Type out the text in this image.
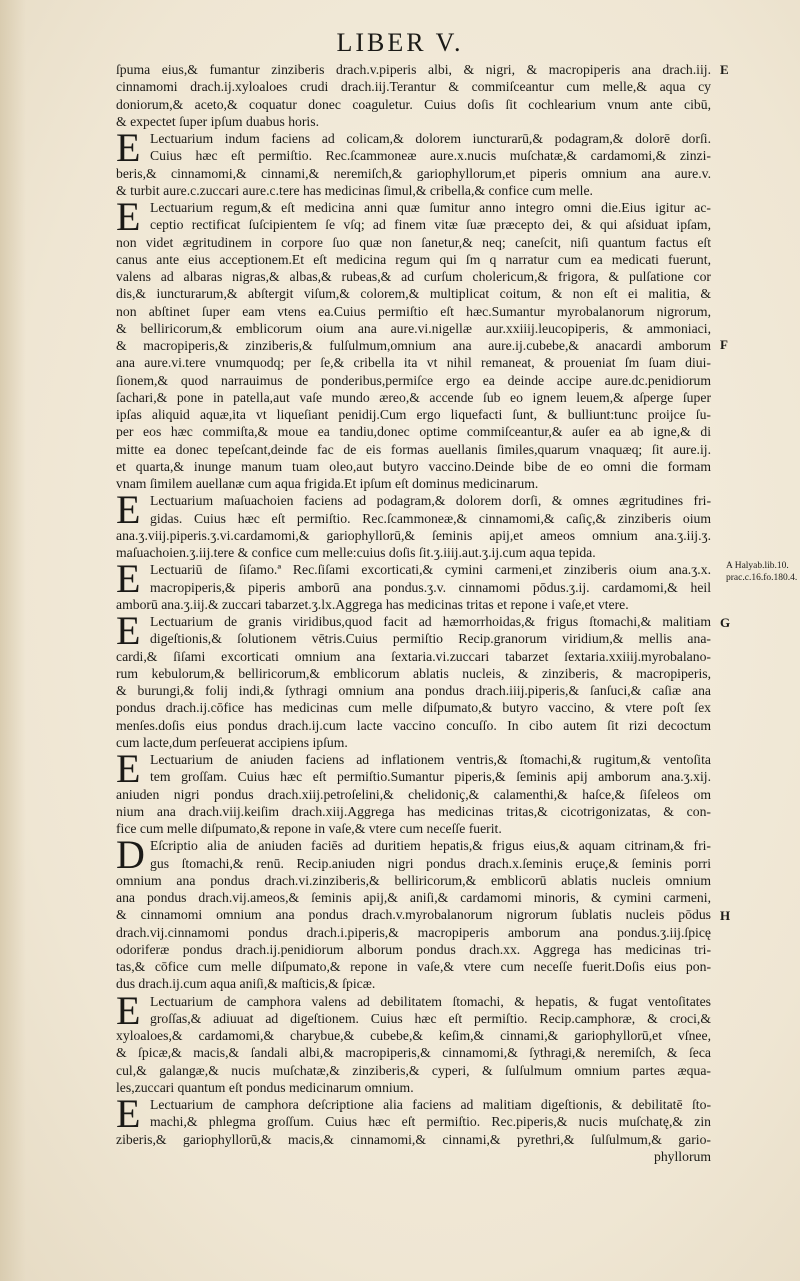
LIBER V.
ſpuma eius,& fumantur zinziberis drach.v.piperis albi, & nigri, & macropiperis ana drach.iij.
cinnamomi drach.ij.xyloaloes crudi drach.iij.Terantur & commiſceantur cum melle,& aqua cy
doniorum,& aceto,& coquatur donec coaguletur. Cuius doſis ſit cochlearium vnum ante cibū,
& expectet ſuper ipſum duabus horis.
E Lectuarium indum faciens ad colicam,& dolorem iuncturarū,& podagram,& dolorē dorſi.
Cuius hæc eſt permiſtio. Rec.ſcammoneæ aure.x.nucis muſchatæ,& cardamomi,& zinzi-
beris,& cinnamomi,& cinnami,& neremiſch,& gariophyllorum,et piperis omnium ana aure.v.
& turbit aure.c.zuccari aure.c.tere has medicinas ſimul,& cribella,& confice cum melle.
E Lectuarium regum,& eſt medicina anni quæ ſumitur anno integro omni die.Eius igitur ac-
ceptio rectificat ſuſcipientem ſe vſq; ad finem vitæ ſuæ præcepto dei, & qui aſsiduat ipſam,
non videt ægritudinem in corpore ſuo quæ non ſanetur,& neq; caneſcit, niſi quantum factus eſt
canus ante eius acceptionem.Et eſt medicina regum qui ſm q narratur cum ea medicati fuerunt,
valens ad albaras nigras,& albas,& rubeas,& ad curſum cholericum,& frigora, & pulſatione cor
dis,& iuncturarum,& abſtergit viſum,& colorem,& multiplicat coitum, & non eſt ei malitia, &
non abſtinet ſuper eam vtens ea.Cuius permiſtio eſt hæc.Sumantur myrobalanorum nigrorum,
& belliricorum,& emblicorum oium ana aure.vi.nigellæ aur.xxiiij.leucopiperis, & ammoniaci,
& macropiperis,& zinziberis,& fulſulmum,omnium ana aure.ij.cubebe,& anacardi amborum
ana aure.vi.tere vnumquodq; per ſe,& cribella ita vt nihil remaneat, & proueniat ſm ſuam diui-
ſionem,& quod narrauimus de ponderibus,permiſce ergo ea deinde accipe aure.dc.penidiorum
ſachari,& pone in patella,aut vaſe mundo æreo,& accende ſub eo ignem leuem,& aſperge ſuper
ipſas aliquid aquæ,ita vt liqueſiant penidij.Cum ergo liquefacti ſunt, & bulliunt:tunc proijce ſu-
per eos hæc commiſta,& moue ea tandiu,donec optime commiſceantur,& auſer ea ab igne,& di
mitte ea donec tepeſcant,deinde fac de eis formas auellanis ſimiles,quarum vnaquæq; ſit aure.ij.
et quarta,& inunge manum tuam oleo,aut butyro vaccino.Deinde bibe de eo omni die formam
vnam ſimilem auellanæ cum aqua frigida.Et ipſum eſt dominus medicinarum.
E Lectuarium maſuachoien faciens ad podagram,& dolorem dorſi, & omnes ægritudines fri-
gidas. Cuius hæc eſt permiſtio. Rec.ſcammoneæ,& cinnamomi,& caſiç,& zinziberis oium
ana.ʒ.viij.piperis.ʒ.vi.cardamomi,& gariophyllorū,& ſeminis apij,et ameos omnium ana.ʒ.iij.ʒ.
maſuachoien.ʒ.iij.tere & confice cum melle:cuius doſis ſit.ʒ.iiij.aut.ʒ.ij.cum aqua tepida.
E Lectuariū de ſiſamo.ª Rec.ſiſami excorticati,& cymini carmeni,et zinziberis oium ana.ʒ.x.
macropiperis,& piperis amborū ana pondus.ʒ.v. cinnamomi pōdus.ʒ.ij. cardamomi,& heil
amborū ana.ʒ.iij.& zuccari tabarzet.ʒ.lx.Aggrega has medicinas tritas et repone i vaſe,et vtere.
E Lectuarium de granis viridibus,quod facit ad hæmorrhoidas,& frigus ſtomachi,& malitiam
digeſtionis,& ſolutionem vētris.Cuius permiſtio Recip.granorum viridium,& mellis ana-
cardi,& ſiſami excorticati omnium ana ſextaria.vi.zuccari tabarzet ſextaria.xxiiij.myrobalano-
rum kebulorum,& belliricorum,& emblicorum ablatis nucleis, & zinziberis, & macropiperis,
& burungi,& folij indi,& ſythragi omnium ana pondus drach.iiij.piperis,& ſanſuci,& caſiæ ana
pondus drach.ij.cōfice has medicinas cum melle diſpumato,& butyro vaccino, & vtere poſt ſex
menſes.doſis eius pondus drach.ij.cum lacte vaccino concuſſo. In cibo autem ſit rizi decoctum
cum lacte,dum perſeuerat accipiens ipſum.
E Lectuarium de aniuden faciens ad inflationem ventris,& ſtomachi,& rugitum,& ventoſita
tem groſſam. Cuius hæc eſt permiſtio.Sumantur piperis,& ſeminis apij amborum ana.ʒ.xij.
aniuden nigri pondus drach.xiij.petroſelini,& chelidoniç,& calamenthi,& haſce,& ſiſeleos om
nium ana drach.viij.keiſim drach.xiij.Aggrega has medicinas tritas,& cicotrigonizatas, & con-
fice cum melle diſpumato,& repone in vaſe,& vtere cum neceſſe fuerit.
D Eſcriptio alia de aniuden faciēs ad duritiem hepatis,& frigus eius,& aquam citrinam,& fri-
gus ſtomachi,& renū. Recip.aniuden nigri pondus drach.x.ſeminis eruçe,& ſeminis porri
omnium ana pondus drach.vi.zinziberis,& belliricorum,& emblicorū ablatis nucleis omnium
ana pondus drach.vij.ameos,& ſeminis apij,& aniſi,& cardamomi minoris, & cymini carmeni,
& cinnamomi omnium ana pondus drach.v.myrobalanorum nigrorum ſublatis nucleis pōdus
drach.vij.cinnamomi pondus drach.i.piperis,& macropiperis amborum ana pondus.ʒ.iij.ſpicę
odoriferæ pondus drach.ij.penidiorum alborum pondus drach.xx. Aggrega has medicinas tri-
tas,& cōfice cum melle diſpumato,& repone in vaſe,& vtere cum neceſſe fuerit.Doſis eius pon-
dus drach.ij.cum aqua aniſi,& maſticis,& ſpicæ.
E Lectuarium de camphora valens ad debilitatem ſtomachi, & hepatis, & fugat ventoſitates
groſſas,& adiuuat ad digeſtionem. Cuius hæc eſt permiſtio. Recip.camphoræ, & croci,&
xyloaloes,& cardamomi,& charybue,& cubebe,& keſim,& cinnami,& gariophyllorū,et vſnee,
& ſpicæ,& macis,& ſandali albi,& macropiperis,& cinnamomi,& ſythragi,& neremiſch, & ſeca
cul,& galangæ,& nucis muſchatæ,& zinziberis,& cyperi, & ſulſulmum omnium partes æqua-
les,zuccari quantum eſt pondus medicinarum omnium.
E Lectuarium de camphora deſcriptione alia faciens ad malitiam digeſtionis, & debilitatē ſto-
machi,& phlegma groſſum. Cuius hæc eſt permiſtio. Rec.piperis,& nucis muſchatę,& zin
ziberis,& gariophyllorū,& macis,& cinnamomi,& cinnami,& pyrethri,& ſulſulmum,& gario-
phyllorum
E
F
G
H
A Halyab.lib.10.
prac.c.16.fo.180.4.
